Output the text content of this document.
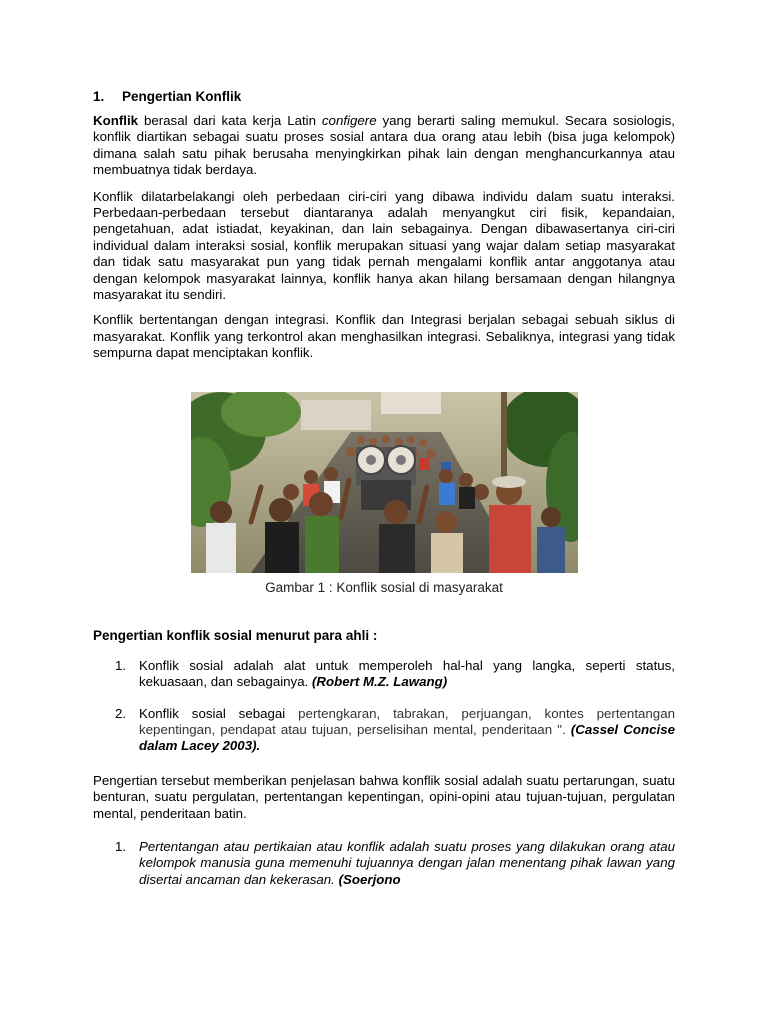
1.	Pengertian Konflik

Konflik berasal dari kata kerja Latin configere yang berarti saling memukul. Secara sosiologis, konflik diartikan sebagai suatu proses sosial antara dua orang atau lebih (bisa juga kelompok) dimana salah satu pihak berusaha menyingkirkan pihak lain dengan menghancurkannya atau membuatnya tidak berdaya.

Konflik dilatarbelakangi oleh perbedaan ciri-ciri yang dibawa individu dalam suatu interaksi. Perbedaan-perbedaan tersebut diantaranya adalah menyangkut ciri fisik, kepandaian, pengetahuan, adat istiadat, keyakinan, dan lain sebagainya. Dengan dibawasertanya ciri-ciri individual dalam interaksi sosial, konflik merupakan situasi yang wajar dalam setiap masyarakat dan tidak satu masyarakat pun yang tidak pernah mengalami konflik antar anggotanya atau dengan kelompok masyarakat lainnya, konflik hanya akan hilang bersamaan dengan hilangnya masyarakat itu sendiri.

Konflik bertentangan dengan integrasi. Konflik dan Integrasi berjalan sebagai sebuah siklus di masyarakat. Konflik yang terkontrol akan menghasilkan integrasi. Sebaliknya, integrasi yang tidak sempurna dapat menciptakan konflik.

Gambar 1 : Konflik sosial di masyarakat
Pengertian konflik sosial menurut para ahli :
1. Konflik sosial adalah alat untuk memperoleh hal-hal yang langka, seperti status, kekuasaan, dan sebagainya. (Robert M.Z. Lawang)
2. Konflik sosial sebagai pertengkaran, tabrakan, perjuangan, kontes pertentangan kepentingan, pendapat atau tujuan, perselisihan mental, penderitaan ". (Cassel Concise dalam Lacey 2003).

Pengertian tersebut memberikan penjelasan bahwa konflik sosial adalah suatu pertarungan, suatu benturan, suatu pergulatan, pertentangan kepentingan, opini-opini atau tujuan-tujuan, pergulatan mental, penderitaan batin.

1. Pertentangan atau pertikaian atau konflik adalah suatu proses yang dilakukan orang atau kelompok manusia guna memenuhi tujuannya dengan jalan menentang pihak lawan yang disertai ancaman dan kekerasan. (Soerjono
